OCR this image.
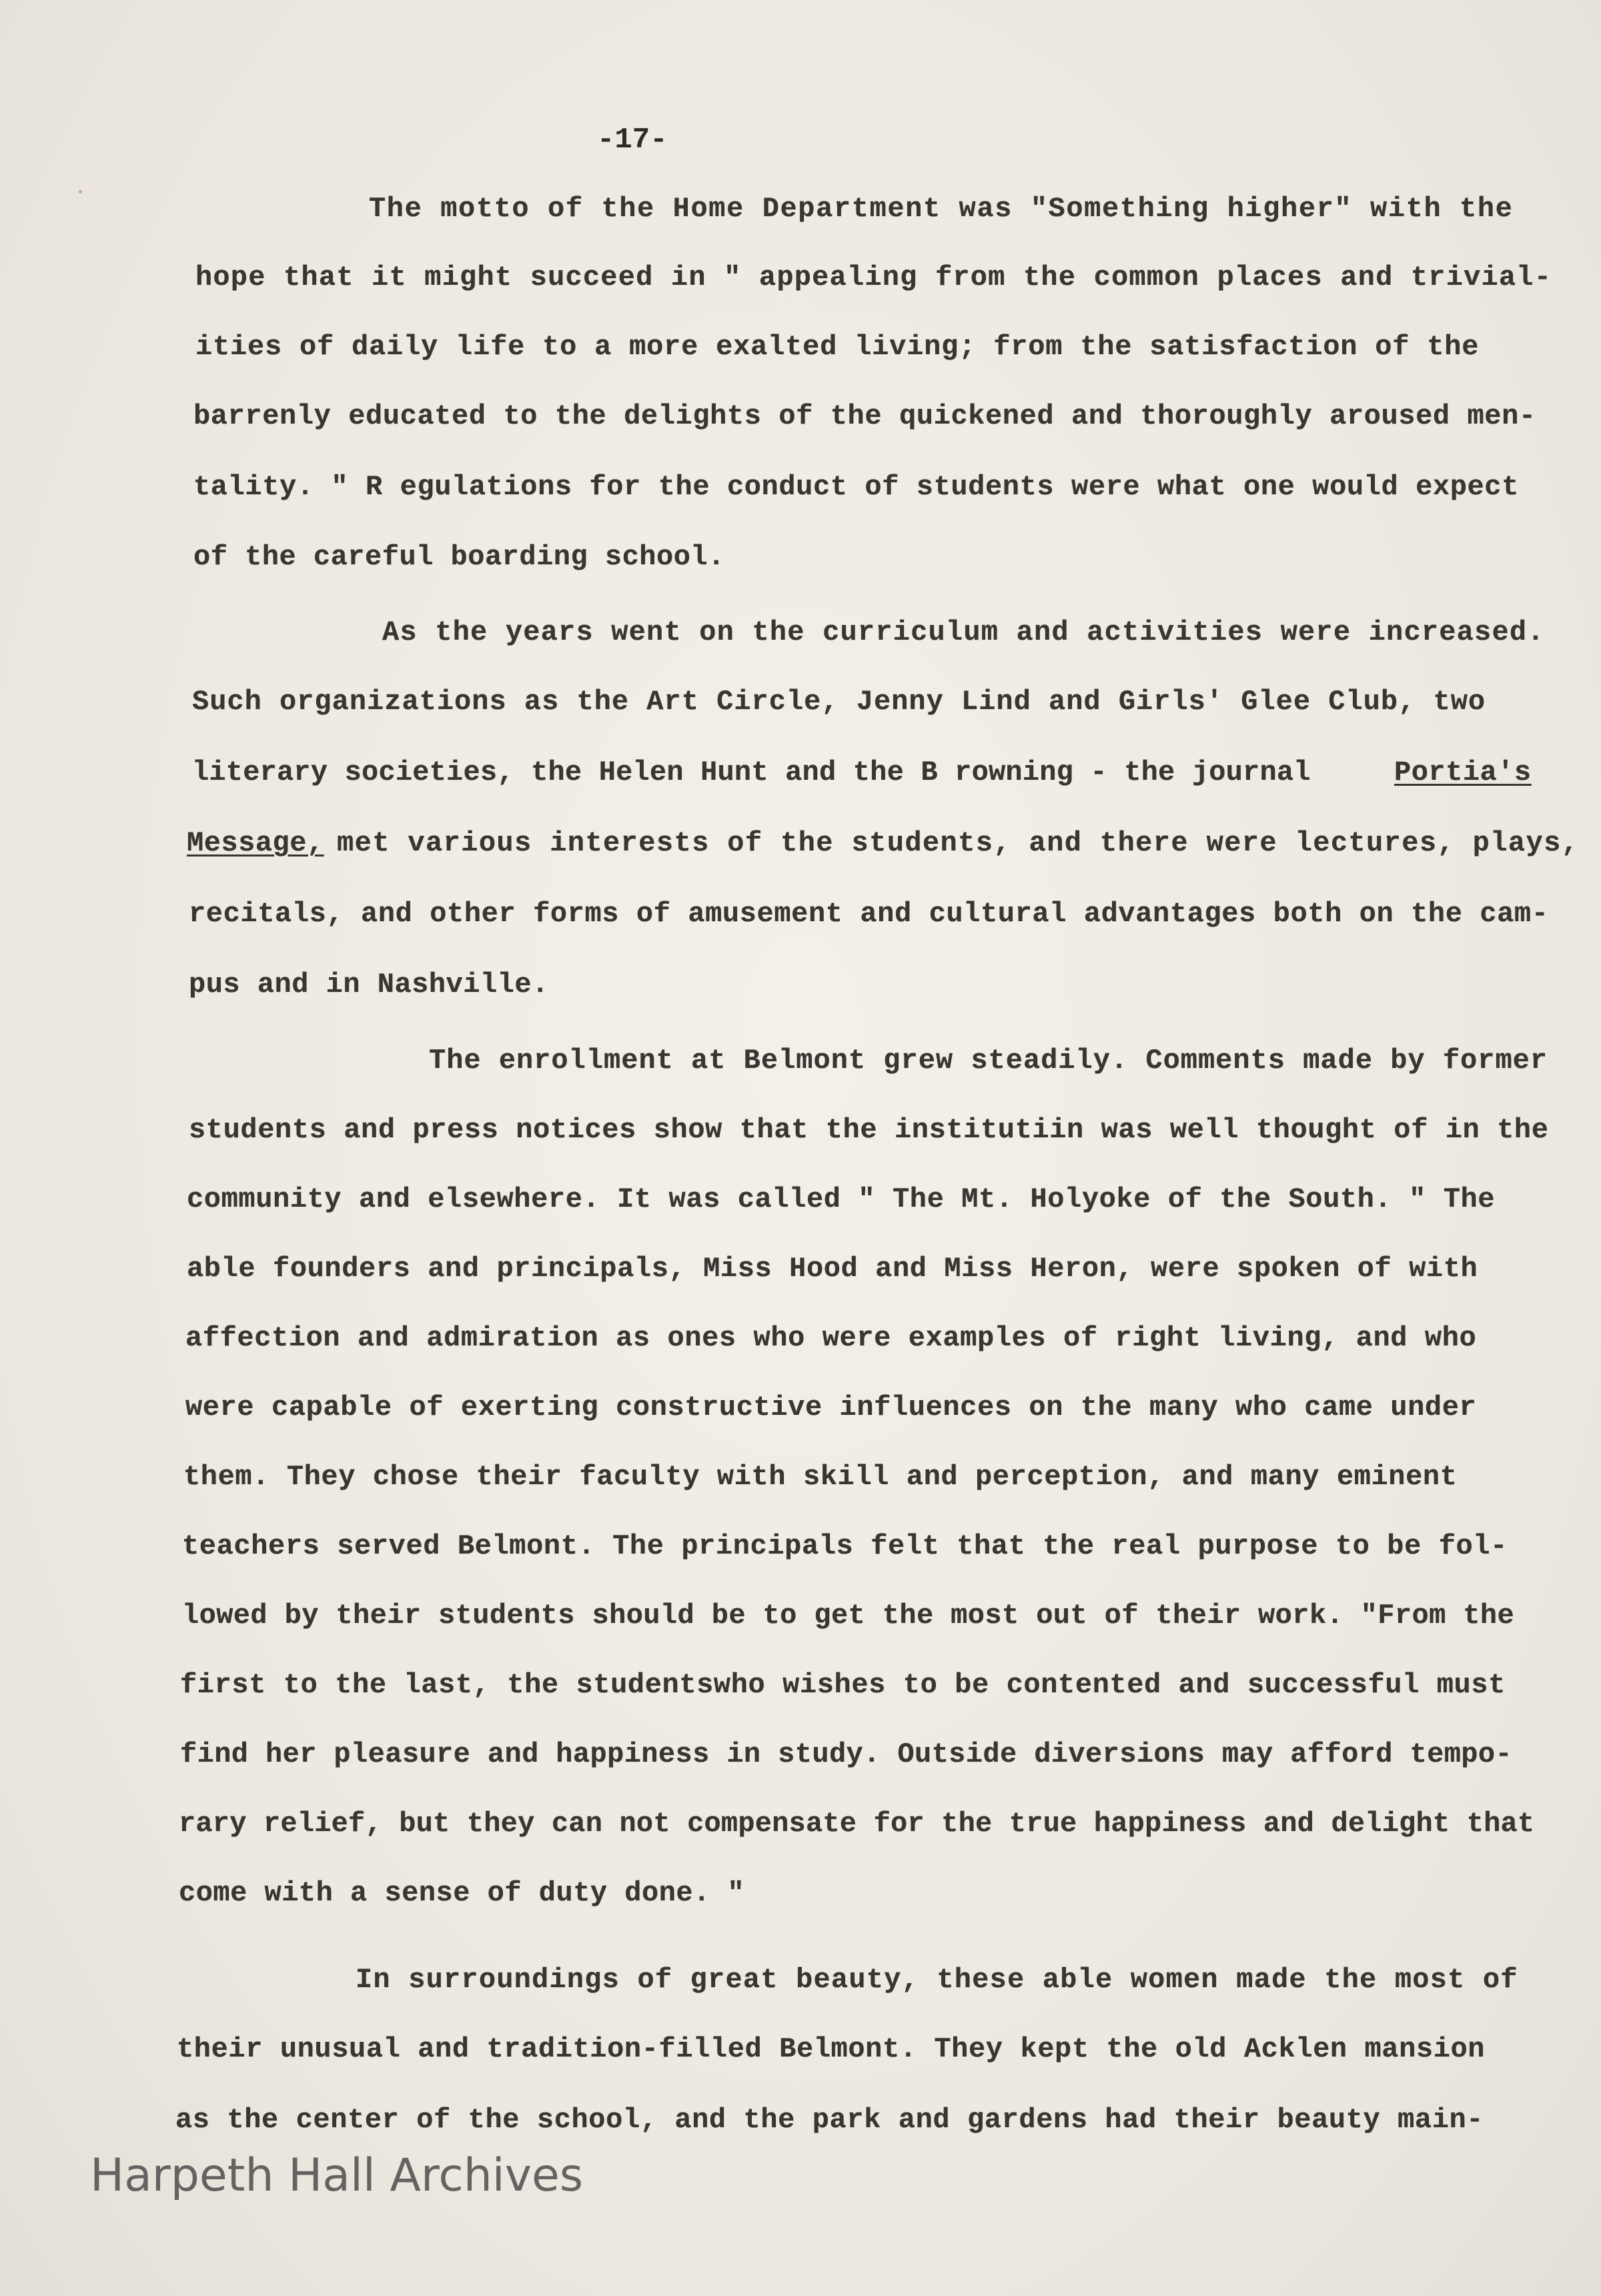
-17-
The motto of the Home Department was "Something higher" with the
hope that it might succeed in " appealing from the common places and trivial-
ities of daily life to a more exalted living; from the satisfaction of the
barrenly educated to the delights of the quickened and thoroughly aroused men-
tality. " R egulations for the conduct of students were what one would expect
of the careful boarding school.
As the years went on the curriculum and activities were increased.
Such organizations as the Art Circle, Jenny Lind and Girls' Glee Club, two
literary societies, the Helen Hunt and the B rowning - the journal	Portia's
Message, met various interests of the students, and there were lectures, plays,
recitals, and other forms of amusement and cultural advantages both on the cam-
pus and in Nashville.
The enrollment at Belmont grew steadily. Comments made by former
students and press notices show that the institutiin was well thought of in the
community and elsewhere. It was called " The Mt. Holyoke of the South. " The
able founders and principals, Miss Hood and Miss Heron, were spoken of with
affection and admiration as ones who were examples of right living, and who
were capable of exerting constructive influences on the many who came under
them. They chose their faculty with skill and perception, and many eminent
teachers served Belmont. The principals felt that the real purpose to be fol-
lowed by their students should be to get the most out of their work. "From the
first to the last, the studentswho wishes to be contented and successful must
find her pleasure and happiness in study. Outside diversions may afford tempo-
rary relief, but they can not compensate for the true happiness and delight that
come with a sense of duty done. "
In surroundings of great beauty, these able women made the most of
their unusual and tradition-filled Belmont. They kept the old Acklen mansion
as the center of the school, and the park and gardens had their beauty main-
Harpeth Hall Archives
